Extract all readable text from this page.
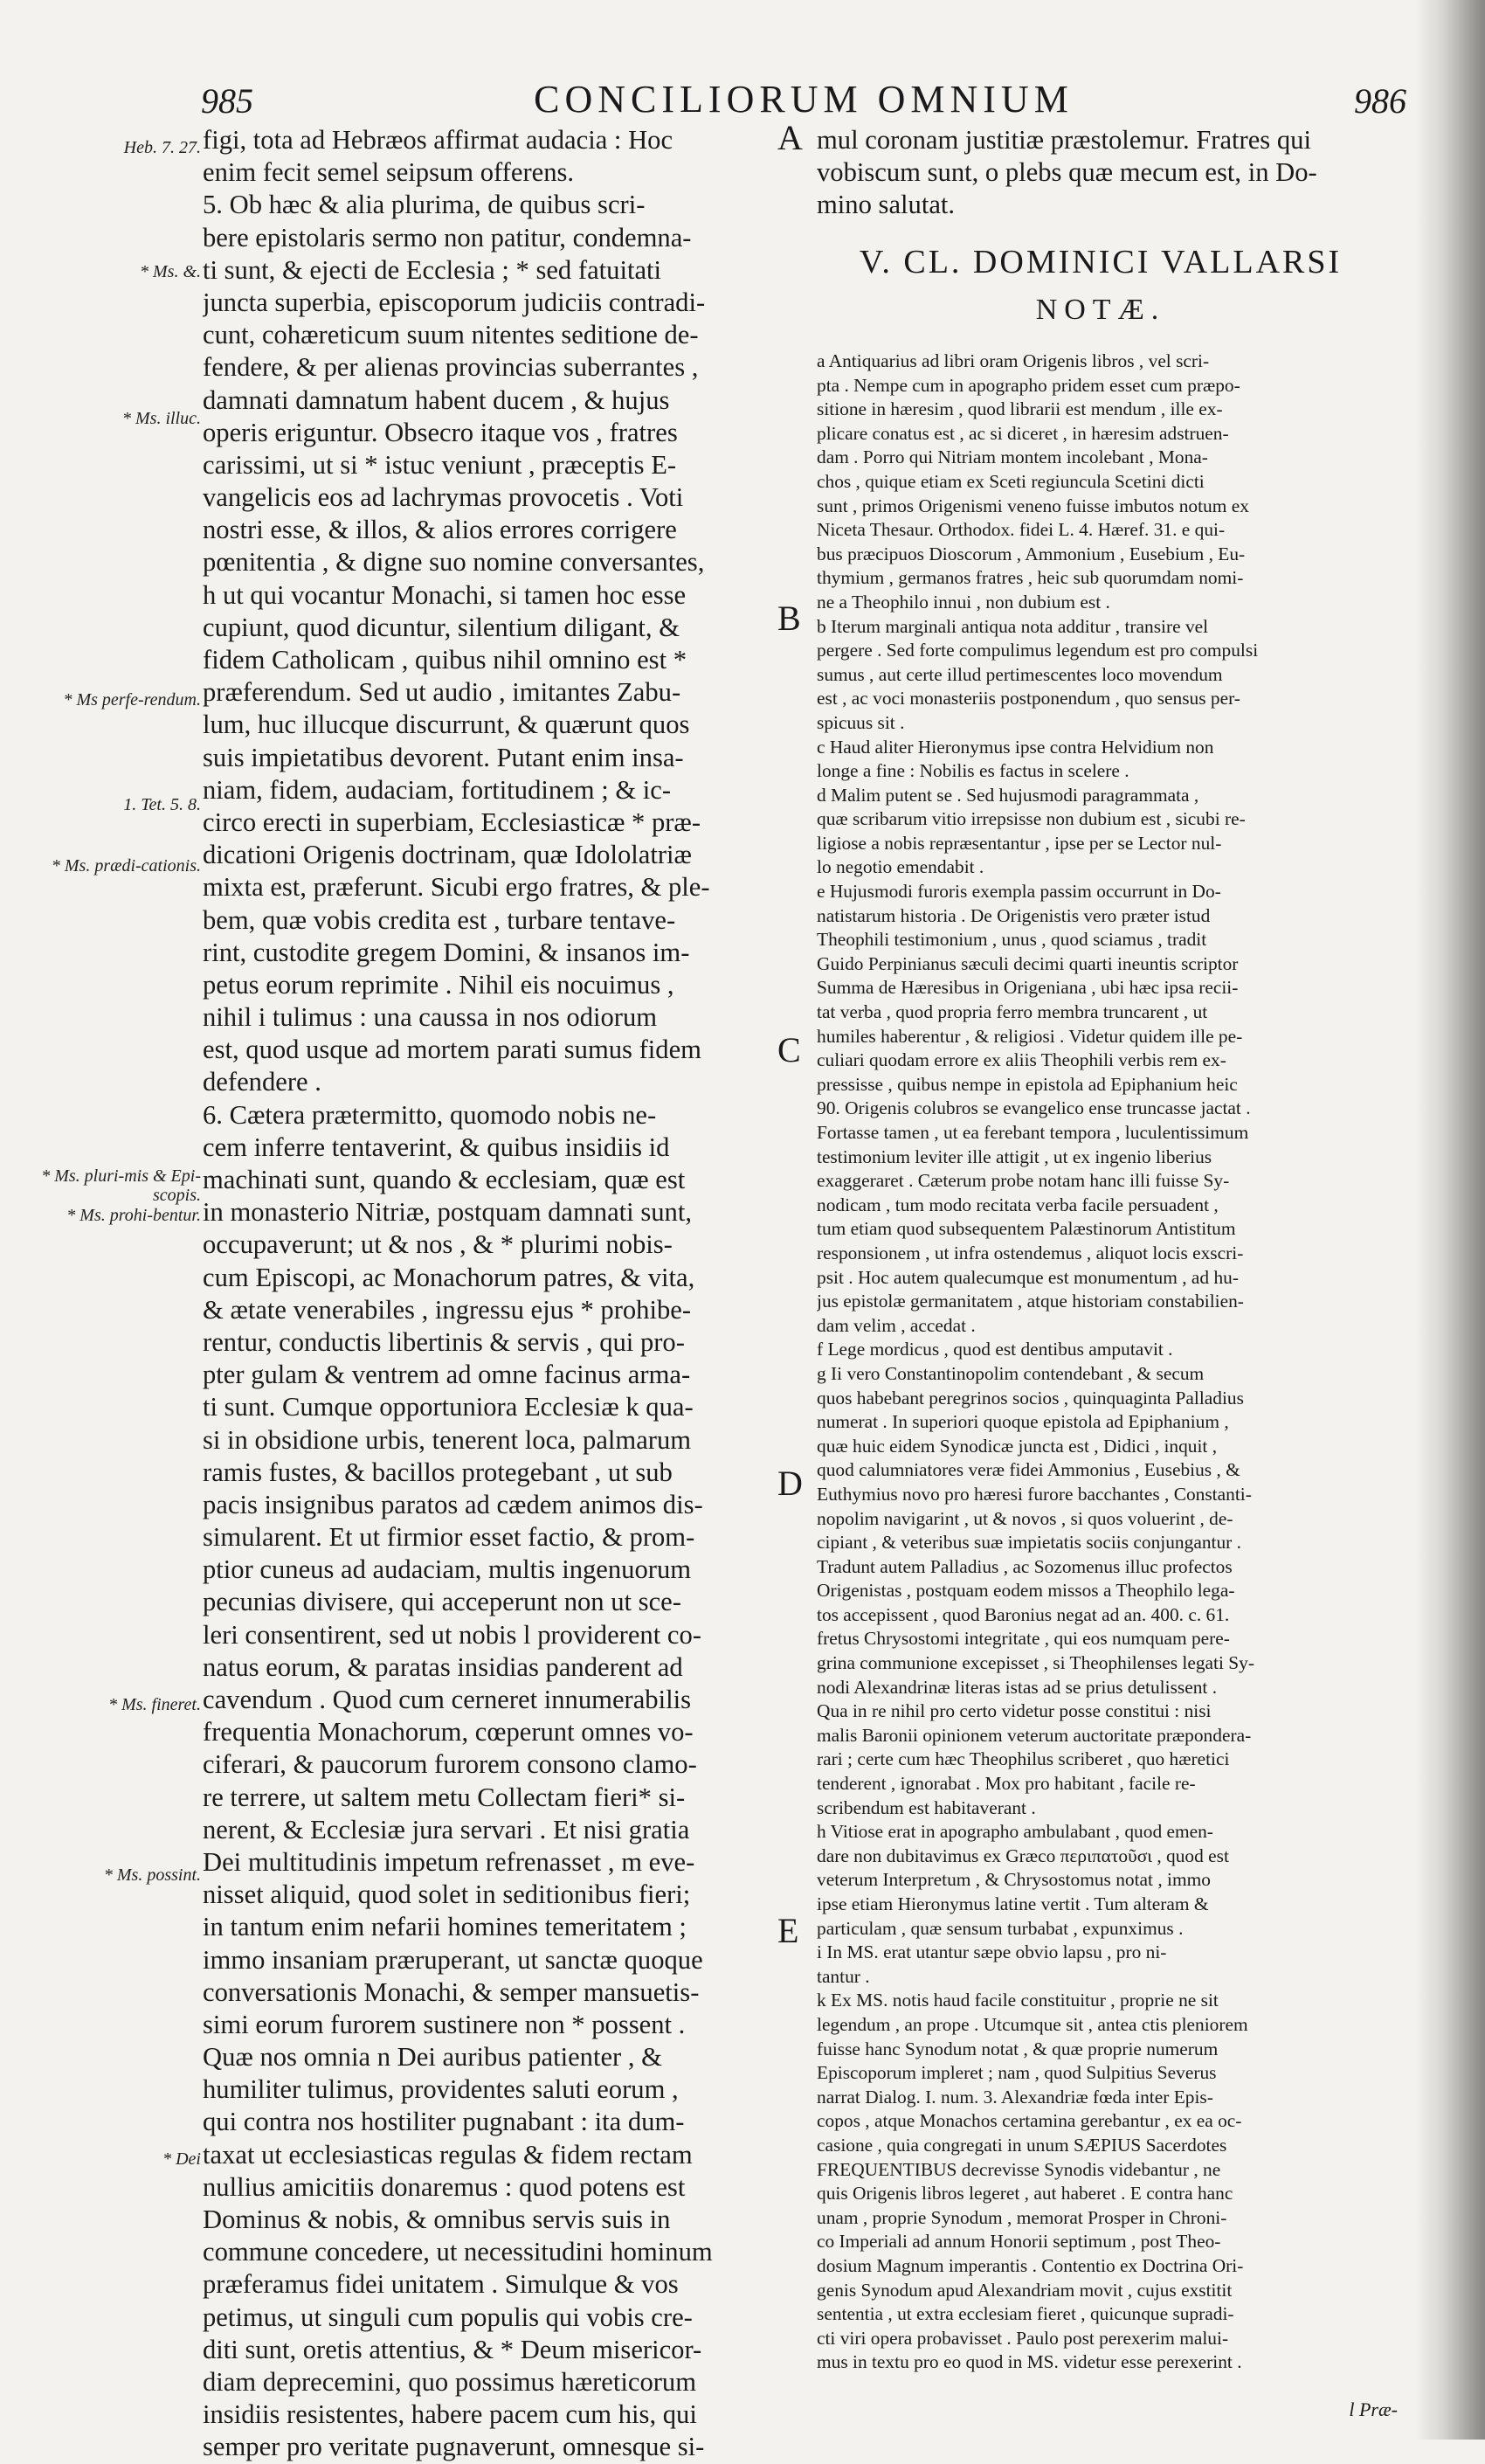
985	CONCILIORUM OMNIUM	986
Heb. 7. 27.
* Ms. &.
* Ms. illuc.
* Ms perfe-rendum.
1. Tet. 5. 8.
* Ms. prædi-cationis.
* Ms. pluri-mis & Epi-scopis.
* Ms. prohi-bentur.
* Ms. fineret.
* Ms. possint.
* Dei
figi, tota ad Hebræos affirmat audacia : Hoc
enim fecit semel seipsum offerens.
5. Ob hæc & alia plurima, de quibus scri-
bere epistolaris sermo non patitur, condemna-
ti sunt, & ejecti de Ecclesia ; * sed fatuitati
juncta superbia, episcoporum judiciis contradi-
cunt, cohæreticum suum nitentes seditione de-
fendere, & per alienas provincias suberrantes ,
damnati damnatum habent ducem , & hujus
operis eriguntur. Obsecro itaque vos , fratres
carissimi, ut si * istuc veniunt , præceptis E-
vangelicis eos ad lachrymas provocetis . Voti
nostri esse, & illos, & alios errores corrigere
pœnitentia , & digne suo nomine conversantes,
h ut qui vocantur Monachi, si tamen hoc esse
cupiunt, quod dicuntur, silentium diligant, &
fidem Catholicam , quibus nihil omnino est *
præferendum. Sed ut audio , imitantes Zabu-
lum, huc illucque discurrunt, & quærunt quos
suis impietatibus devorent. Putant enim insa-
niam, fidem, audaciam, fortitudinem ; & ic-
circo erecti in superbiam, Ecclesiasticæ * præ-
dicationi Origenis doctrinam, quæ Idololatriæ
mixta est, præferunt. Sicubi ergo fratres, & ple-
bem, quæ vobis credita est , turbare tentave-
rint, custodite gregem Domini, & insanos im-
petus eorum reprimite . Nihil eis nocuimus ,
nihil i tulimus : una caussa in nos odiorum
est, quod usque ad mortem parati sumus fidem
defendere .
6. Cætera prætermitto, quomodo nobis ne-
cem inferre tentaverint, & quibus insidiis id
machinati sunt, quando & ecclesiam, quæ est
in monasterio Nitriæ, postquam damnati sunt,
occupaverunt; ut & nos , & * plurimi nobis-
cum Episcopi, ac Monachorum patres, & vita,
& ætate venerabiles , ingressu ejus * prohibe-
rentur, conductis libertinis & servis , qui pro-
pter gulam & ventrem ad omne facinus arma-
ti sunt. Cumque opportuniora Ecclesiæ k qua-
si in obsidione urbis, tenerent loca, palmarum
ramis fustes, & bacillos protegebant , ut sub
pacis insignibus paratos ad cædem animos dis-
simularent. Et ut firmior esset factio, & prom-
ptior cuneus ad audaciam, multis ingenuorum
pecunias divisere, qui acceperunt non ut sce-
leri consentirent, sed ut nobis l providerent co-
natus eorum, & paratas insidias panderent ad
cavendum . Quod cum cerneret innumerabilis
frequentia Monachorum, cœperunt omnes vo-
ciferari, & paucorum furorem consono clamo-
re terrere, ut saltem metu Collectam fieri* si-
nerent, & Ecclesiæ jura servari . Et nisi gratia
Dei multitudinis impetum refrenasset , m eve-
nisset aliquid, quod solet in seditionibus fieri;
in tantum enim nefarii homines temeritatem ;
immo insaniam præruperant, ut sanctæ quoque
conversationis Monachi, & semper mansuetis-
simi eorum furorem sustinere non * possent .
Quæ nos omnia n Dei auribus patienter , &
humiliter tulimus, providentes saluti eorum ,
qui contra nos hostiliter pugnabant : ita dum-
taxat ut ecclesiasticas regulas & fidem rectam
nullius amicitiis donaremus : quod potens est
Dominus & nobis, & omnibus servis suis in
commune concedere, ut necessitudini hominum
præferamus fidei unitatem . Simulque & vos
petimus, ut singuli cum populis qui vobis cre-
diti sunt, oretis attentius, & * Deum misericor-
diam deprecemini, quo possimus hæreticorum
insidiis resistentes, habere pacem cum his, qui
semper pro veritate pugnaverunt, omnesque si-
A
B
C
D
E
mul coronam justitiæ præstolemur. Fratres qui
vobiscum sunt, o plebs quæ mecum est, in Do-
mino salutat.
V. CL. DOMINICI VALLARSI
NOTÆ.
a Antiquarius ad libri oram Origenis libros , vel scri-
pta . Nempe cum in apographo pridem esset cum præpo-
sitione in hæresim , quod librarii est mendum , ille ex-
plicare conatus est , ac si diceret , in hæresim adstruen-
dam . Porro qui Nitriam montem incolebant , Mona-
chos , quique etiam ex Sceti regiuncula Scetini dicti
sunt , primos Origenismi veneno fuisse imbutos notum ex
Niceta Thesaur. Orthodox. fidei L. 4. Hæref. 31. e qui-
bus præcipuos Dioscorum , Ammonium , Eusebium , Eu-
thymium , germanos fratres , heic sub quorumdam nomi-
ne a Theophilo innui , non dubium est .
b Iterum marginali antiqua nota additur , transire vel
pergere . Sed forte compulimus legendum est pro compulsi
sumus , aut certe illud pertimescentes loco movendum
est , ac voci monasteriis postponendum , quo sensus per-
spicuus sit .
c Haud aliter Hieronymus ipse contra Helvidium non
longe a fine : Nobilis es factus in scelere .
d Malim putent se . Sed hujusmodi paragrammata ,
quæ scribarum vitio irrepsisse non dubium est , sicubi re-
ligiose a nobis repræsentantur , ipse per se Lector nul-
lo negotio emendabit .
e Hujusmodi furoris exempla passim occurrunt in Do-
natistarum historia . De Origenistis vero præter istud
Theophili testimonium , unus , quod sciamus , tradit
Guido Perpinianus sæculi decimi quarti ineuntis scriptor
Summa de Hæresibus in Origeniana , ubi hæc ipsa recii-
tat verba , quod propria ferro membra truncarent , ut
humiles haberentur , & religiosi . Videtur quidem ille pe-
culiari quodam errore ex aliis Theophili verbis rem ex-
pressisse , quibus nempe in epistola ad Epiphanium heic
90. Origenis colubros se evangelico ense truncasse jactat .
Fortasse tamen , ut ea ferebant tempora , luculentissimum
testimonium leviter ille attigit , ut ex ingenio liberius
exaggeraret . Cæterum probe notam hanc illi fuisse Sy-
nodicam , tum modo recitata verba facile persuadent ,
tum etiam quod subsequentem Palæstinorum Antistitum
responsionem , ut infra ostendemus , aliquot locis exscri-
psit . Hoc autem qualecumque est monumentum , ad hu-
jus epistolæ germanitatem , atque historiam constabilien-
dam velim , accedat .
f Lege mordicus , quod est dentibus amputavit .
g Ii vero Constantinopolim contendebant , & secum
quos habebant peregrinos socios , quinquaginta Palladius
numerat . In superiori quoque epistola ad Epiphanium ,
quæ huic eidem Synodicæ juncta est , Didici , inquit ,
quod calumniatores veræ fidei Ammonius , Eusebius , &
Euthymius novo pro hæresi furore bacchantes , Constanti-
nopolim navigarint , ut & novos , si quos voluerint , de-
cipiant , & veteribus suæ impietatis sociis conjungantur .
Tradunt autem Palladius , ac Sozomenus illuc profectos
Origenistas , postquam eodem missos a Theophilo lega-
tos accepissent , quod Baronius negat ad an. 400. c. 61.
fretus Chrysostomi integritate , qui eos numquam pere-
grina communione excepisset , si Theophilenses legati Sy-
nodi Alexandrinæ literas istas ad se prius detulissent .
Qua in re nihil pro certo videtur posse constitui : nisi
malis Baronii opinionem veterum auctoritate præpondera-
rari ; certe cum hæc Theophilus scriberet , quo hæretici
tenderent , ignorabat . Mox pro habitant , facile re-
scribendum est habitaverant .
h Vitiose erat in apographo ambulabant , quod emen-
dare non dubitavimus ex Græco περιπατοῦσι , quod est
veterum Interpretum , & Chrysostomus notat , immo
ipse etiam Hieronymus latine vertit . Tum alteram &
particulam , quæ sensum turbabat , expunximus .
i In MS. erat utantur sæpe obvio lapsu , pro ni-
tantur .
k Ex MS. notis haud facile constituitur , proprie ne sit
legendum , an prope . Utcumque sit , antea ctis pleniorem
fuisse hanc Synodum notat , & quæ proprie numerum
Episcoporum impleret ; nam , quod Sulpitius Severus
narrat Dialog. I. num. 3. Alexandriæ fœda inter Epis-
copos , atque Monachos certamina gerebantur , ex ea oc-
casione , quia congregati in unum SÆPIUS Sacerdotes
FREQUENTIBUS decrevisse Synodis videbantur , ne
quis Origenis libros legeret , aut haberet . E contra hanc
unam , proprie Synodum , memorat Prosper in Chroni-
co Imperiali ad annum Honorii septimum , post Theo-
dosium Magnum imperantis . Contentio ex Doctrina Ori-
genis Synodum apud Alexandriam movit , cujus exstitit
sententia , ut extra ecclesiam fieret , quicunque supradi-
cti viri opera probavisset . Paulo post perexerim malui-
mus in textu pro eo quod in MS. videtur esse perexerint .
l Præ-
